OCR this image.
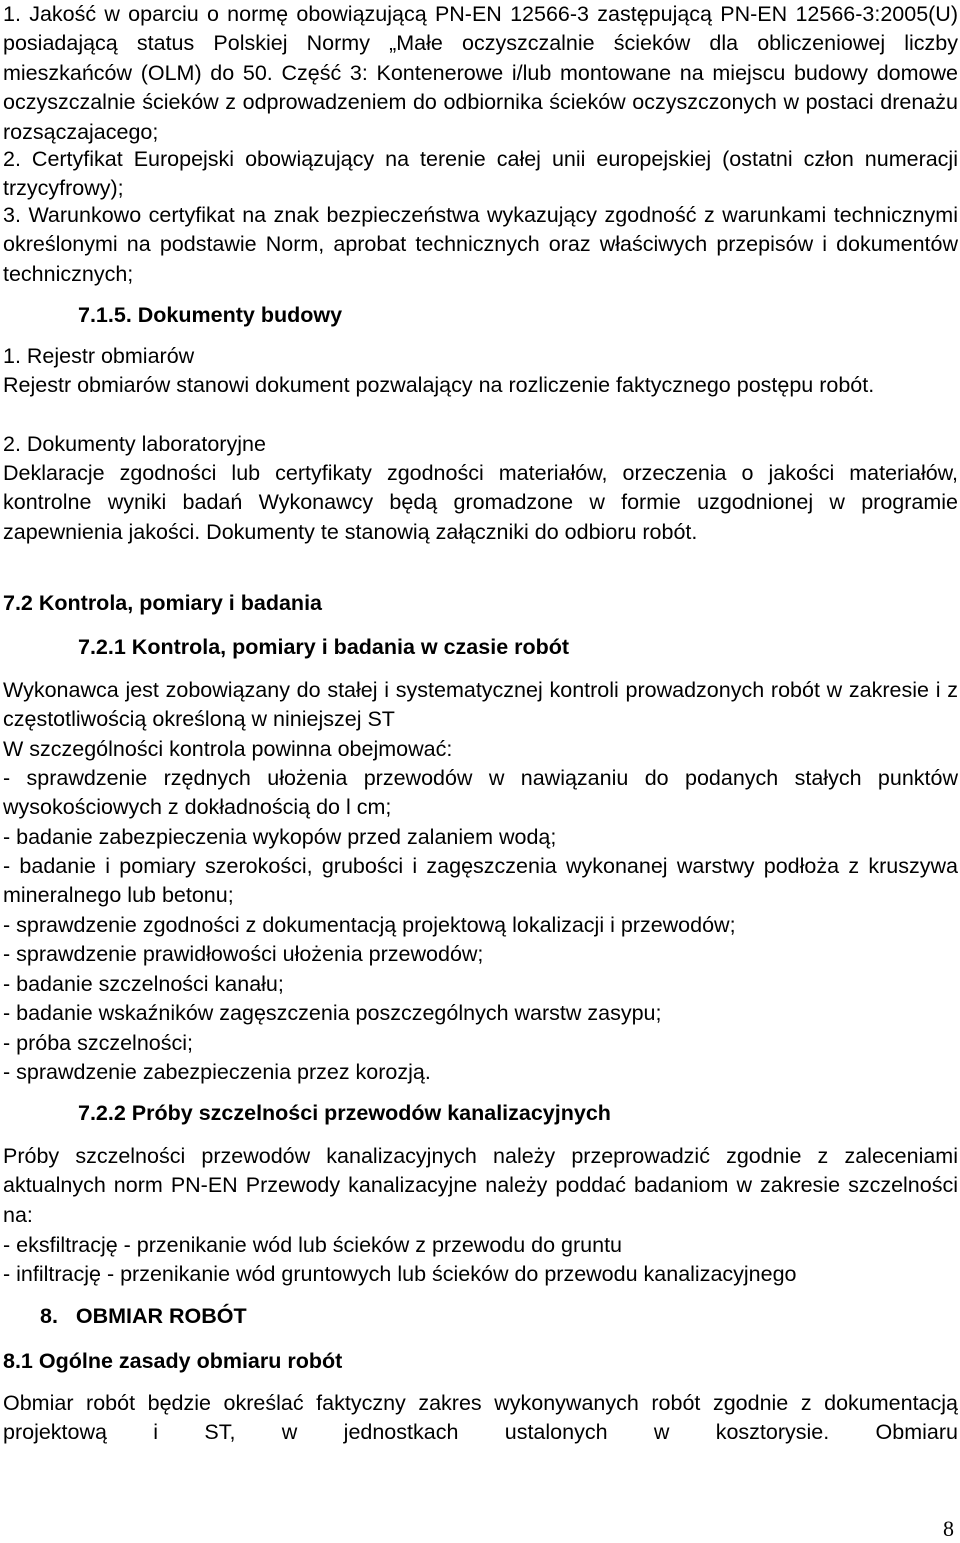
1. Jakość w oparciu o normę obowiązującą PN-EN 12566-3 zastępującą PN-EN 12566-3:2005(U) posiadającą status Polskiej Normy „Małe oczyszczalnie ścieków dla obliczeniowej liczby mieszkańców (OLM) do 50. Część 3: Kontenerowe i/lub montowane na miejscu budowy domowe oczyszczalnie ścieków z odprowadzeniem do odbiornika ścieków oczyszczonych w postaci drenażu rozsączajacego;

2. Certyfikat Europejski obowiązujący na terenie całej unii europejskiej (ostatni człon numeracji trzycyfrowy);

3. Warunkowo certyfikat na znak bezpieczeństwa wykazujący zgodność z warunkami technicznymi określonymi na podstawie Norm, aprobat technicznych oraz właściwych przepisów i dokumentów technicznych;

7.1.5. Dokumenty budowy

1. Rejestr obmiarów

Rejestr obmiarów stanowi dokument pozwalający na rozliczenie faktycznego postępu robót.

2. Dokumenty laboratoryjne

Deklaracje zgodności lub certyfikaty zgodności materiałów, orzeczenia o jakości materiałów, kontrolne wyniki badań Wykonawcy będą gromadzone w formie uzgodnionej w programie zapewnienia jakości. Dokumenty te stanowią załączniki do odbioru robót.

7.2 Kontrola, pomiary i badania

7.2.1 Kontrola, pomiary i badania w czasie robót

Wykonawca jest zobowiązany do stałej i systematycznej kontroli prowadzonych robót w zakresie i z częstotliwością określoną w niniejszej ST

W szczególności kontrola powinna obejmować:

- sprawdzenie rzędnych ułożenia przewodów w nawiązaniu do podanych stałych punktów wysokościowych z dokładnością do l cm;

- badanie zabezpieczenia wykopów przed zalaniem wodą;

- badanie i pomiary szerokości, grubości i zagęszczenia wykonanej warstwy podłoża z kruszywa mineralnego lub betonu;

- sprawdzenie zgodności z dokumentacją projektową lokalizacji i przewodów;

- sprawdzenie prawidłowości ułożenia przewodów;

- badanie szczelności kanału;

- badanie wskaźników zagęszczenia poszczególnych warstw zasypu;

- próba szczelności;

- sprawdzenie zabezpieczenia przez korozją.

7.2.2 Próby szczelności przewodów kanalizacyjnych

Próby szczelności przewodów kanalizacyjnych należy przeprowadzić zgodnie z zaleceniami aktualnych norm PN-EN Przewody kanalizacyjne należy poddać badaniom w zakresie szczelności na:

- eksfiltrację - przenikanie wód lub ścieków z przewodu do gruntu

- infiltrację - przenikanie wód gruntowych lub ścieków do przewodu kanalizacyjnego

8.   OBMIAR ROBÓT

8.1 Ogólne zasady obmiaru robót

Obmiar robót będzie określać faktyczny zakres wykonywanych robót zgodnie z dokumentacją projektową i ST, w jednostkach ustalonych w kosztorysie. Obmiaru

8
